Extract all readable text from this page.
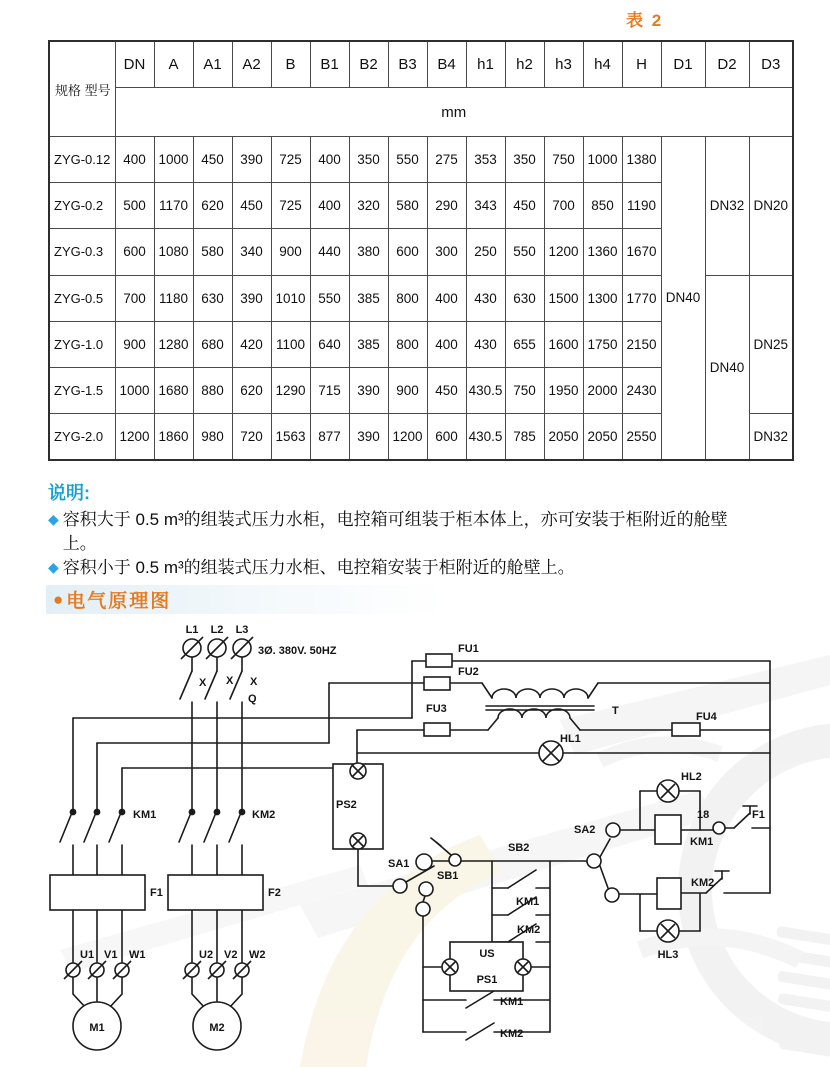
表 2
规格 型号	DN	A	A1	A2	B	B1	B2	B3	B4	h1	h2	h3	h4	H	D1	D2	D3
	mm																
ZYG-0.12	400	1000	450	390	725	400	350	550	275	353	350	750	1000	1380	DN40	DN32	DN20
ZYG-0.2	500	1170	620	450	725	400	320	580	290	343	450	700	850	1190			
ZYG-0.3	600	1080	580	340	900	440	380	600	300	250	550	1200	1360	1670			
ZYG-0.5	700	1180	630	390	1010	550	385	800	400	430	630	1500	1300	1770		DN40	DN25
ZYG-1.0	900	1280	680	420	1100	640	385	800	400	430	655	1600	1750	2150			
ZYG-1.5	1000	1680	880	620	1290	715	390	900	450	430.5	750	1950	2000	2430			
ZYG-2.0	1200	1860	980	720	1563	877	390	1200	600	430.5	785	2050	2050	2550			DN32
说明:
◆ 容积大于 0.5 m³的组装式压力水柜，电控箱可组装于柜本体上，亦可安装于柜附近的舱壁上。
◆ 容积小于 0.5 m³的组装式压力水柜、电控箱安装于柜附近的舱壁上。
● 电气原理图
L1 L2 L3
3Ø. 380V. 50HZ
X X X
Q
KM1	KM2
F1	F2
U1 V1 W1	U2 V2 W2
M1	M2
FU1
FU2
FU3	T	FU4
HL1
PS2
SA1
SB1
SB2
KM1
KM2
SA2
HL2
18	F1
KM1
KM2
HL3
US
PS1
KM1
KM2
